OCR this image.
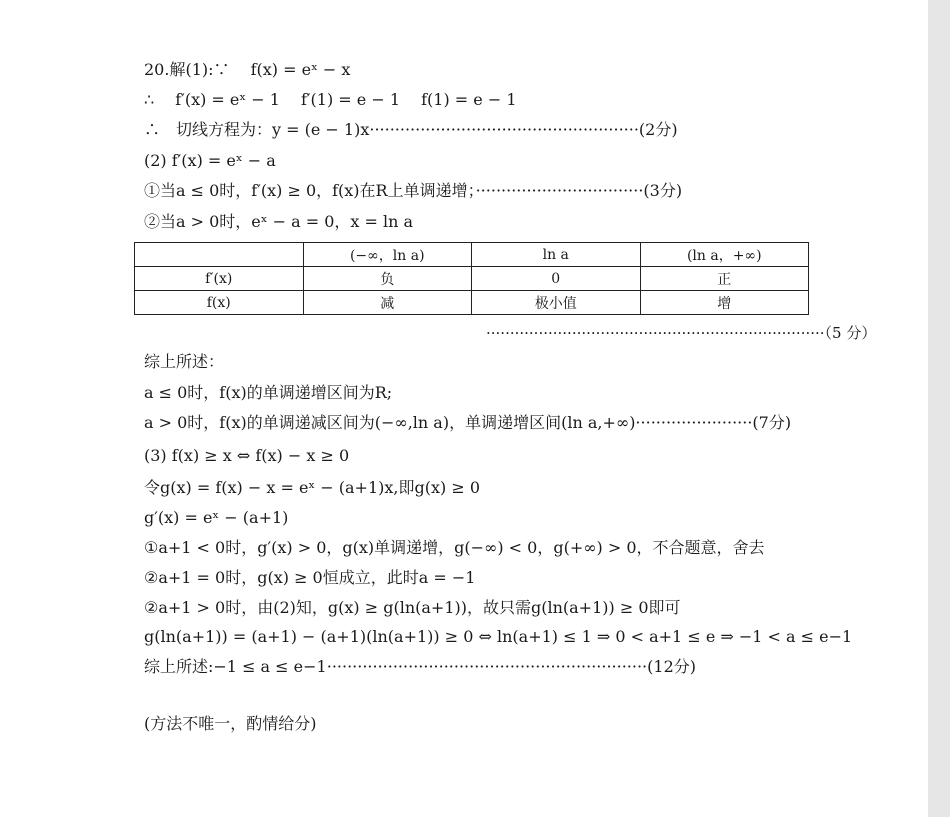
20.解(1):∵　 f(x) = eˣ − x
∴　 f′(x) = eˣ − 1　 f′(1) = e − 1　 f(1) = e − 1
∴　切线方程为：y = (e − 1)x·····················································(2分)
(2) f′(x) = eˣ − a
①当a ≤ 0时，f′(x) ≥ 0，f(x)在R上单调递增；·································(3分)
②当a > 0时，eˣ − a = 0，x = ln a
	(−∞，ln a)	ln a	(ln a，+∞)
f′(x)	负	0	正
f(x)	减	极小值	增
·······································································（5 分）
综上所述：
a ≤ 0时，f(x)的单调递增区间为R;
a > 0时，f(x)的单调递减区间为(−∞,ln a)，单调递增区间(ln a,+∞)·······················(7分)
(3) f(x) ≥ x ⇔ f(x) − x ≥ 0
令g(x) = f(x) − x = eˣ − (a+1)x,即g(x) ≥ 0
g′(x) = eˣ − (a+1)
①a+1 < 0时，g′(x) > 0，g(x)单调递增，g(−∞) < 0，g(+∞) > 0，不合题意，舍去
②a+1 = 0时，g(x) ≥ 0恒成立，此时a = −1
②a+1 > 0时，由(2)知，g(x) ≥ g(ln(a+1))，故只需g(ln(a+1)) ≥ 0即可
g(ln(a+1)) = (a+1) − (a+1)(ln(a+1)) ≥ 0 ⇔ ln(a+1) ≤ 1 ⇒ 0 < a+1 ≤ e ⇒ −1 < a ≤ e−1
综上所述:−1 ≤ a ≤ e−1·······························································(12分)
(方法不唯一，酌情给分)
